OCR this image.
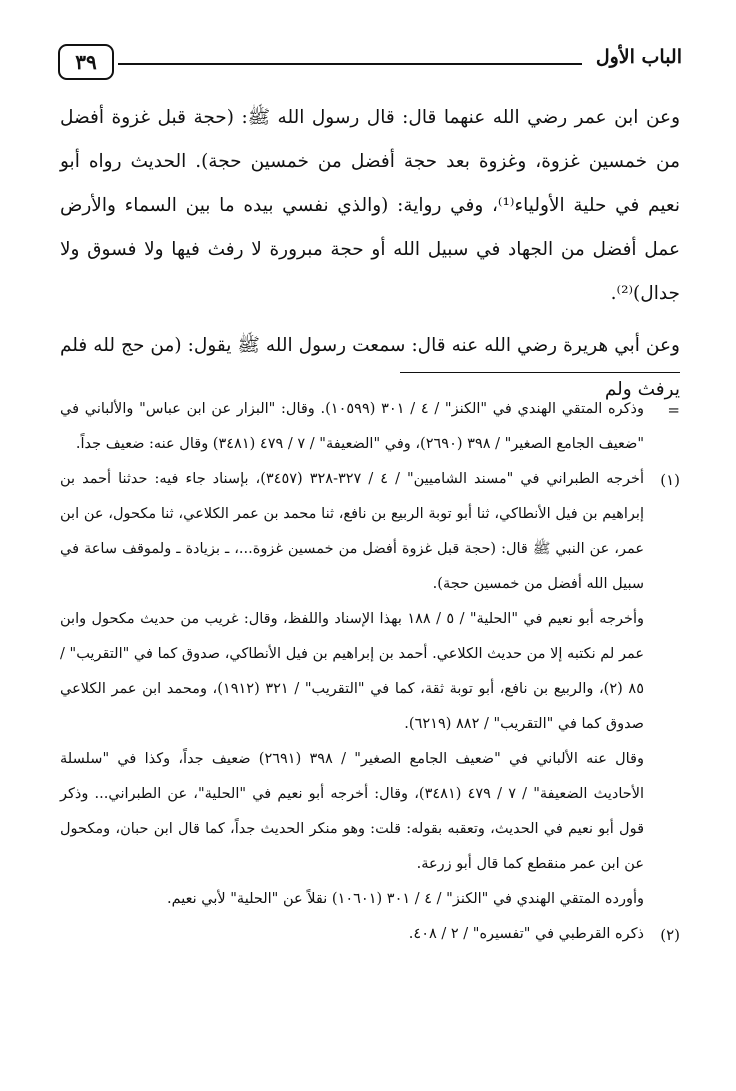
الباب الأول
٣٩

وعن ابن عمر رضي الله عنهما قال: قال رسول الله ﷺ: (حجة قبل غزوة أفضل من خمسين غزوة، وغزوة بعد حجة أفضل من خمسين حجة). الحديث رواه أبو نعيم في حلية الأولياء⁽¹⁾، وفي رواية: (والذي نفسي بيده ما بين السماء والأرض عمل أفضل من الجهاد في سبيل الله أو حجة مبرورة لا رفث فيها ولا فسوق ولا جدال)⁽²⁾.

وعن أبي هريرة رضي الله عنه قال: سمعت رسول الله ﷺ يقول: (من حج لله فلم يرفث ولم

=

وذكره المتقي الهندي في "الكنز" / ٤ / ٣٠١ (١٠٥٩٩). وقال: "البزار عن ابن عباس" والألباني في "ضعيف الجامع الصغير" / ٣٩٨ (٢٦٩٠)، وفي "الضعيفة" / ٧ / ٤٧٩ (٣٤٨١) وقال عنه: ضعيف جداً.

(١)

أخرجه الطبراني في "مسند الشاميين" / ٤ / ٣٢٧-٣٢٨ (٣٤٥٧)، بإسناد جاء فيه: حدثنا أحمد بن إبراهيم بن فيل الأنطاكي، ثنا أبو توبة الربيع بن نافع، ثنا محمد بن عمر الكلاعي، ثنا مكحول، عن ابن عمر، عن النبي ﷺ قال: (حجة قبل غزوة أفضل من خمسين غزوة...، ـ بزيادة ـ ولموقف ساعة في سبيل الله أفضل من خمسين حجة).

وأخرجه أبو نعيم في "الحلية" / ٥ / ١٨٨ بهذا الإسناد واللفظ، وقال: غريب من حديث مكحول وابن عمر لم نكتبه إلا من حديث الكلاعي. أحمد بن إبراهيم بن فيل الأنطاكي، صدوق كما في "التقريب" / ٨٥ (٢)، والربيع بن نافع، أبو توبة ثقة، كما في "التقريب" / ٣٢١ (١٩١٢)، ومحمد ابن عمر الكلاعي صدوق كما في "التقريب" / ٨٨٢ (٦٢١٩).

وقال عنه الألباني في "ضعيف الجامع الصغير" / ٣٩٨ (٢٦٩١) ضعيف جداً، وكذا في "سلسلة الأحاديث الضعيفة" / ٧ / ٤٧٩ (٣٤٨١)، وقال: أخرجه أبو نعيم في "الحلية"، عن الطبراني... وذكر قول أبو نعيم في الحديث، وتعقبه بقوله: قلت: وهو منكر الحديث جداً، كما قال ابن حبان، ومكحول عن ابن عمر منقطع كما قال أبو زرعة.

وأورده المتقي الهندي في "الكنز" / ٤ / ٣٠١ (١٠٦٠١) نقلاً عن "الحلية" لأبي نعيم.

(٢)

ذكره القرطبي في "تفسيره" / ٢ / ٤٠٨.
